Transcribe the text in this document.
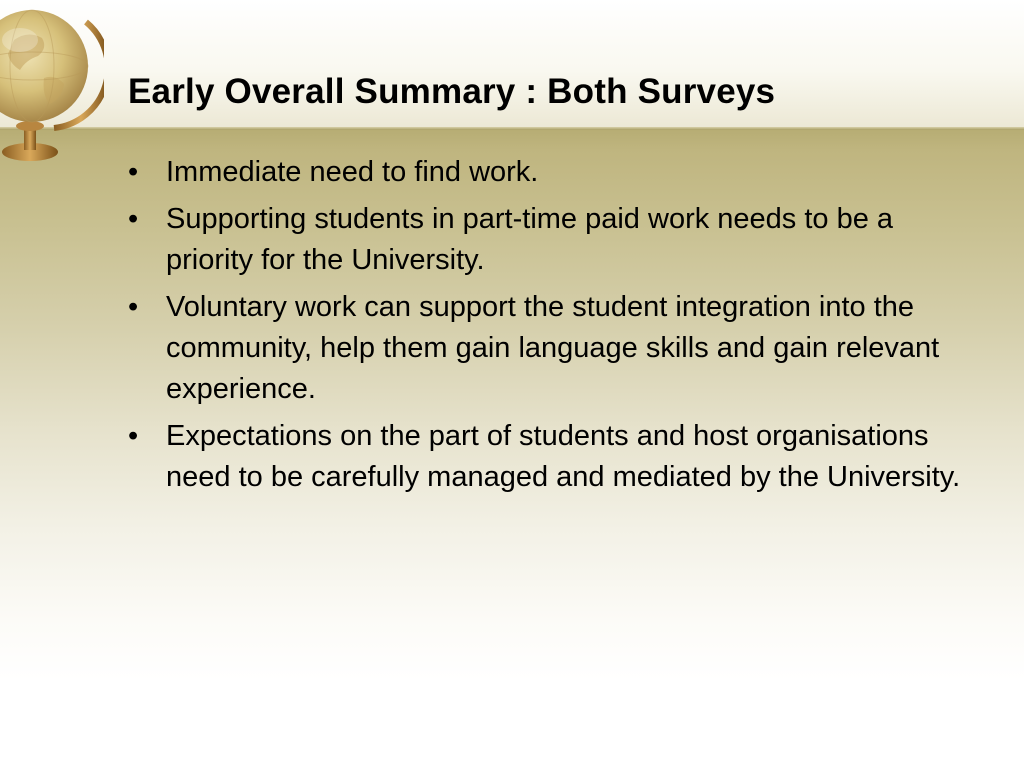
Early Overall Summary : Both Surveys
• Immediate need to find work.
• Supporting students in part-time paid work needs to be a priority for the University.
• Voluntary work can support the student integration into the community, help them gain language skills and gain relevant experience.
• Expectations on the part of students and host organisations need to be carefully managed and mediated by the University.
